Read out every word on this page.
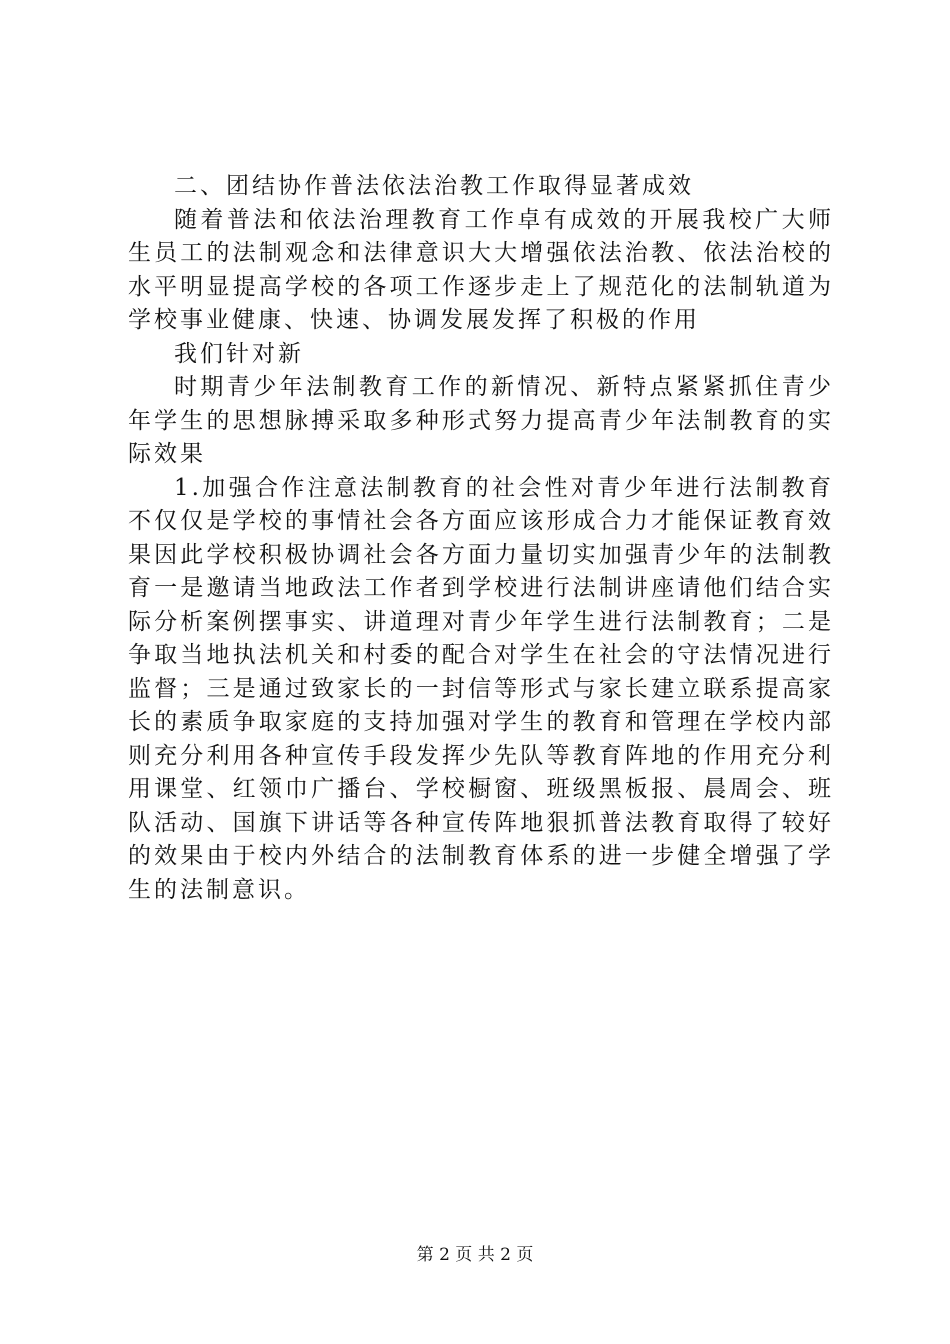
二、团结协作普法依法治教工作取得显著成效

随着普法和依法治理教育工作卓有成效的开展我校广大师生员工的法制观念和法律意识大大增强依法治教、依法治校的水平明显提高学校的各项工作逐步走上了规范化的法制轨道为学校事业健康、快速、协调发展发挥了积极的作用

我们针对新

时期青少年法制教育工作的新情况、新特点紧紧抓住青少年学生的思想脉搏采取多种形式努力提高青少年法制教育的实际效果

1.加强合作注意法制教育的社会性对青少年进行法制教育不仅仅是学校的事情社会各方面应该形成合力才能保证教育效果因此学校积极协调社会各方面力量切实加强青少年的法制教育一是邀请当地政法工作者到学校进行法制讲座请他们结合实际分析案例摆事实、讲道理对青少年学生进行法制教育；二是争取当地执法机关和村委的配合对学生在社会的守法情况进行监督；三是通过致家长的一封信等形式与家长建立联系提高家长的素质争取家庭的支持加强对学生的教育和管理在学校内部则充分利用各种宣传手段发挥少先队等教育阵地的作用充分利用课堂、红领巾广播台、学校橱窗、班级黑板报、晨周会、班队活动、国旗下讲话等各种宣传阵地狠抓普法教育取得了较好的效果由于校内外结合的法制教育体系的进一步健全增强了学生的法制意识。

第 2 页 共 2 页
